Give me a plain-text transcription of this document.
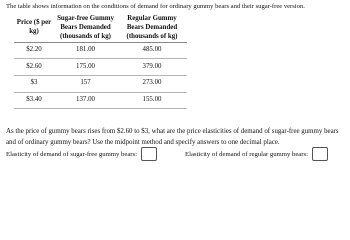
The table shows information on the conditions of demand for ordinary gummy bears and their sugar-free version.
Price ($ per kg)	Sugar-free Gummy Bears Demanded (thousands of kg)	Regular Gummy Bears Demanded (thousands of kg)
$2.20	181.00	485.00
$2.60	175.00	379.00
$3	157	273.00
$3.40	137.00	155.00
As the price of gummy bears rises from $2.60 to $3, what are the price elasticities of demand of sugar-free gummy bears and of ordinary gummy bears? Use the midpoint method and specify answers to one decimal place.
Elasticity of demand of sugar-free gummy bears:	Elasticity of demand of regular gummy bears:
